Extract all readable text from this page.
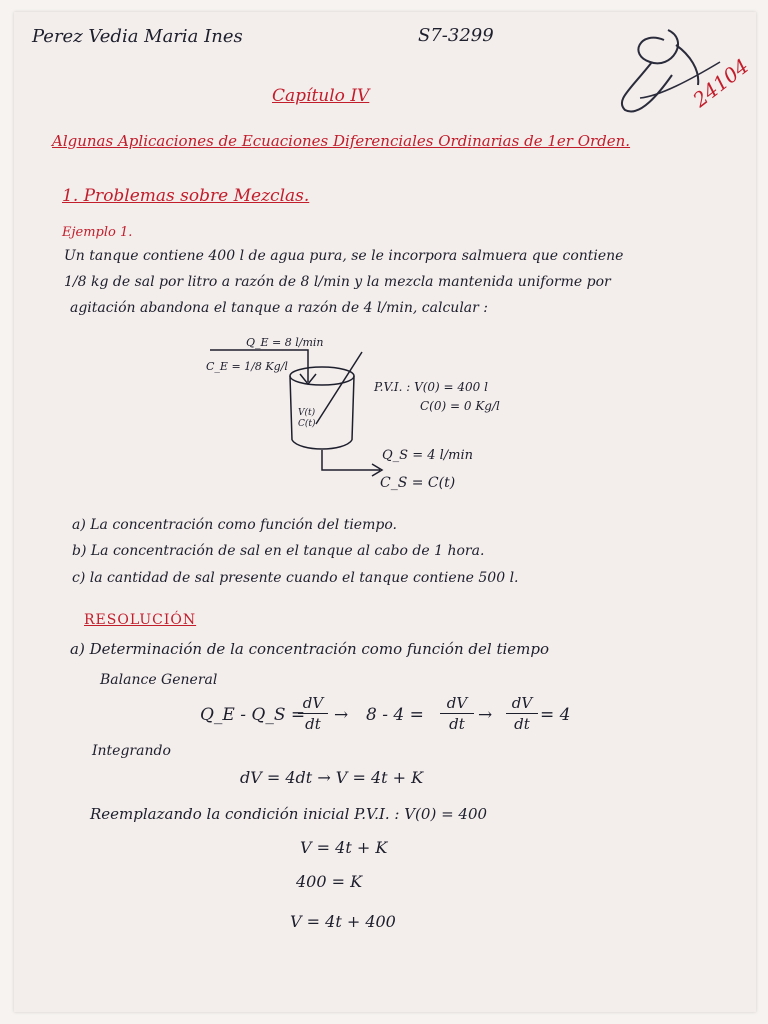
24104
Perez Vedia Maria Ines	S7-3299
Capítulo IV
Algunas Aplicaciones de Ecuaciones Diferenciales Ordinarias de 1er Orden.
1. Problemas sobre Mezclas.
Ejemplo 1.
Un tanque contiene 400 l de agua pura, se le incorpora salmuera que contiene
1/8 kg de sal por litro a razón de 8 l/min y la mezcla mantenida uniforme por
agitación abandona el tanque a razón de 4 l/min, calcular :
Q_E = 8 l/min
C_E = 1/8 Kg/l
V(t)
C(t)
P.V.I. : V(0) = 400 l
C(0) = 0 Kg/l
Q_S = 4 l/min
C_S = C(t)
a) La concentración como función del tiempo.
b) La concentración de sal en el tanque al cabo de 1 hora.
c) la cantidad de sal presente cuando el tanque contiene 500 l.
RESOLUCIÓN
a) Determinación de la concentración como función del tiempo
Balance General
Q_E - Q_S =
dV
dt → 8 - 4 =
dV
dt →
dV
dt = 4
Integrando
dV = 4dt → V = 4t + K
Reemplazando la condición inicial P.V.I. : V(0) = 400
V = 4t + K
400 = K
V = 4t + 400
